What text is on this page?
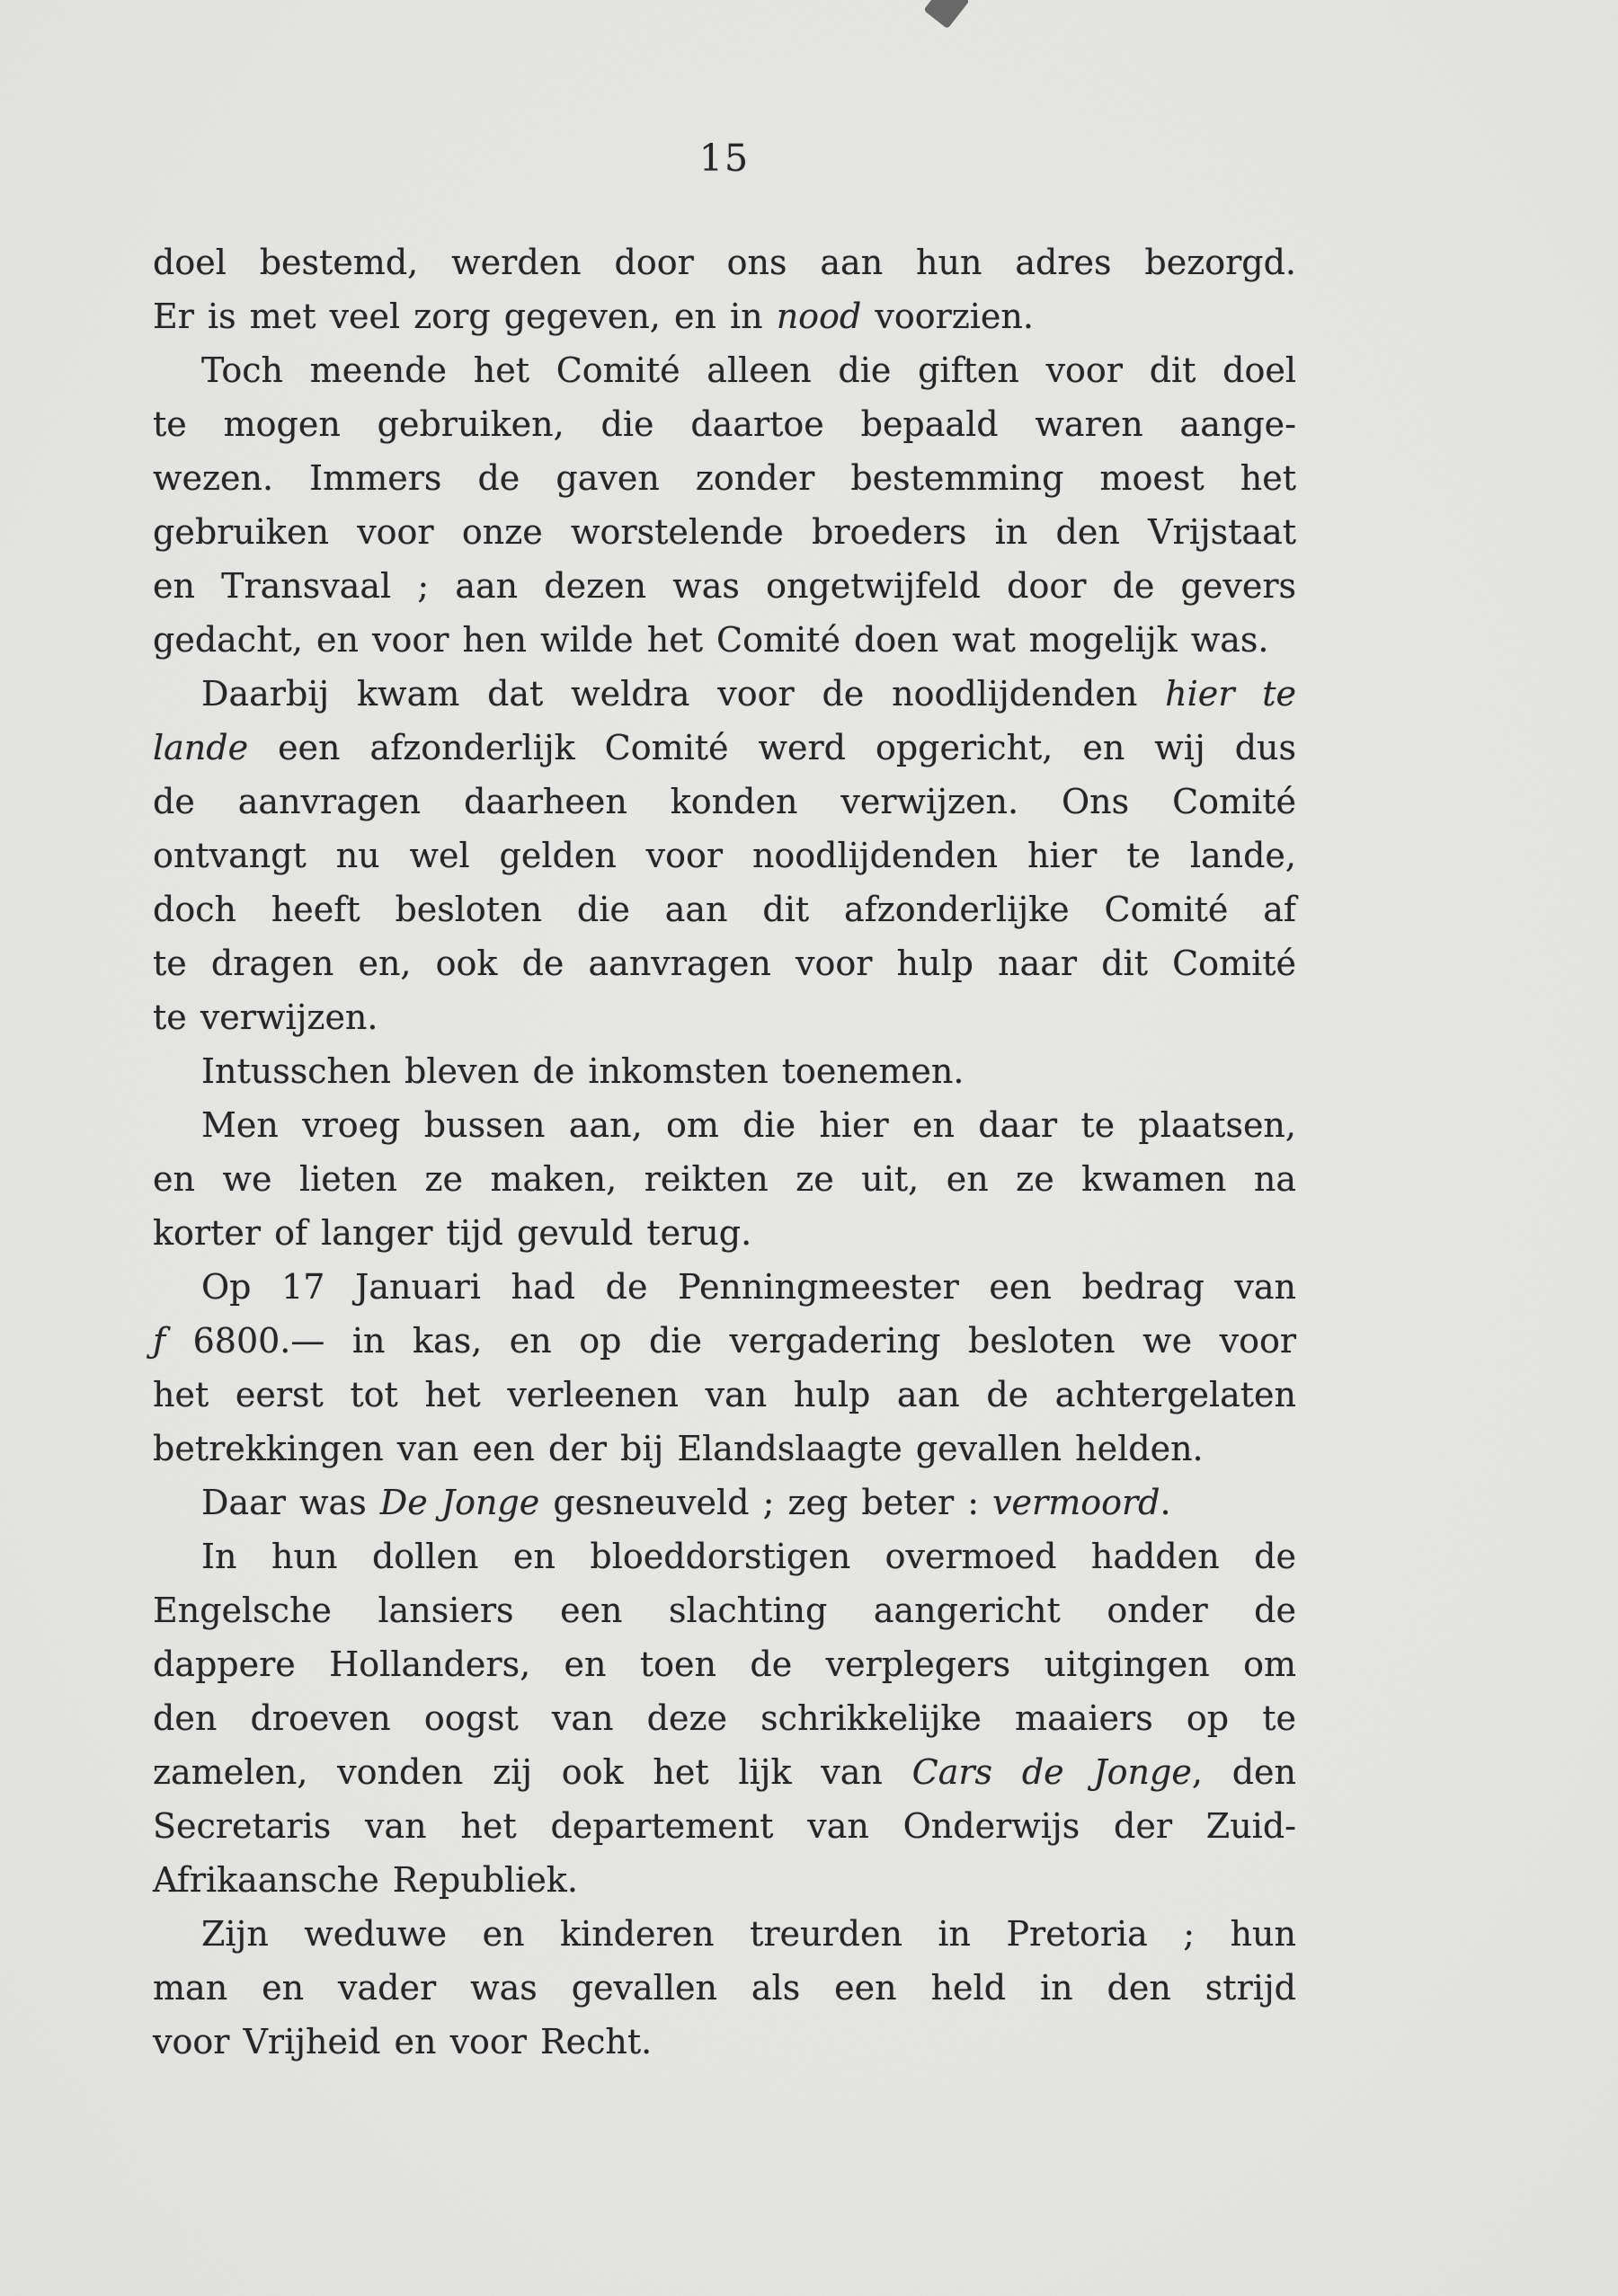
15
doel bestemd, werden door ons aan hun adres bezorgd.
Er is met veel zorg gegeven, en in nood voorzien.
Toch meende het Comité alleen die giften voor dit doel
te mogen gebruiken, die daartoe bepaald waren aange-
wezen. Immers de gaven zonder bestemming moest het
gebruiken voor onze worstelende broeders in den Vrijstaat
en Transvaal ; aan dezen was ongetwijfeld door de gevers
gedacht, en voor hen wilde het Comité doen wat mogelijk was.
Daarbij kwam dat weldra voor de noodlijdenden hier te
lande een afzonderlijk Comité werd opgericht, en wij dus
de aanvragen daarheen konden verwijzen. Ons Comité
ontvangt nu wel gelden voor noodlijdenden hier te lande,
doch heeft besloten die aan dit afzonderlijke Comité af
te dragen en, ook de aanvragen voor hulp naar dit Comité
te verwijzen.
Intusschen bleven de inkomsten toenemen.
Men vroeg bussen aan, om die hier en daar te plaatsen,
en we lieten ze maken, reikten ze uit, en ze kwamen na
korter of langer tijd gevuld terug.
Op 17 Januari had de Penningmeester een bedrag van
ƒ 6800.— in kas, en op die vergadering besloten we voor
het eerst tot het verleenen van hulp aan de achtergelaten
betrekkingen van een der bij Elandslaagte gevallen helden.
Daar was De Jonge gesneuveld ; zeg beter : vermoord.
In hun dollen en bloeddorstigen overmoed hadden de
Engelsche lansiers een slachting aangericht onder de
dappere Hollanders, en toen de verplegers uitgingen om
den droeven oogst van deze schrikkelijke maaiers op te
zamelen, vonden zij ook het lijk van Cars de Jonge, den
Secretaris van het departement van Onderwijs der Zuid-
Afrikaansche Republiek.
Zijn weduwe en kinderen treurden in Pretoria ; hun
man en vader was gevallen als een held in den strijd
voor Vrijheid en voor Recht.
